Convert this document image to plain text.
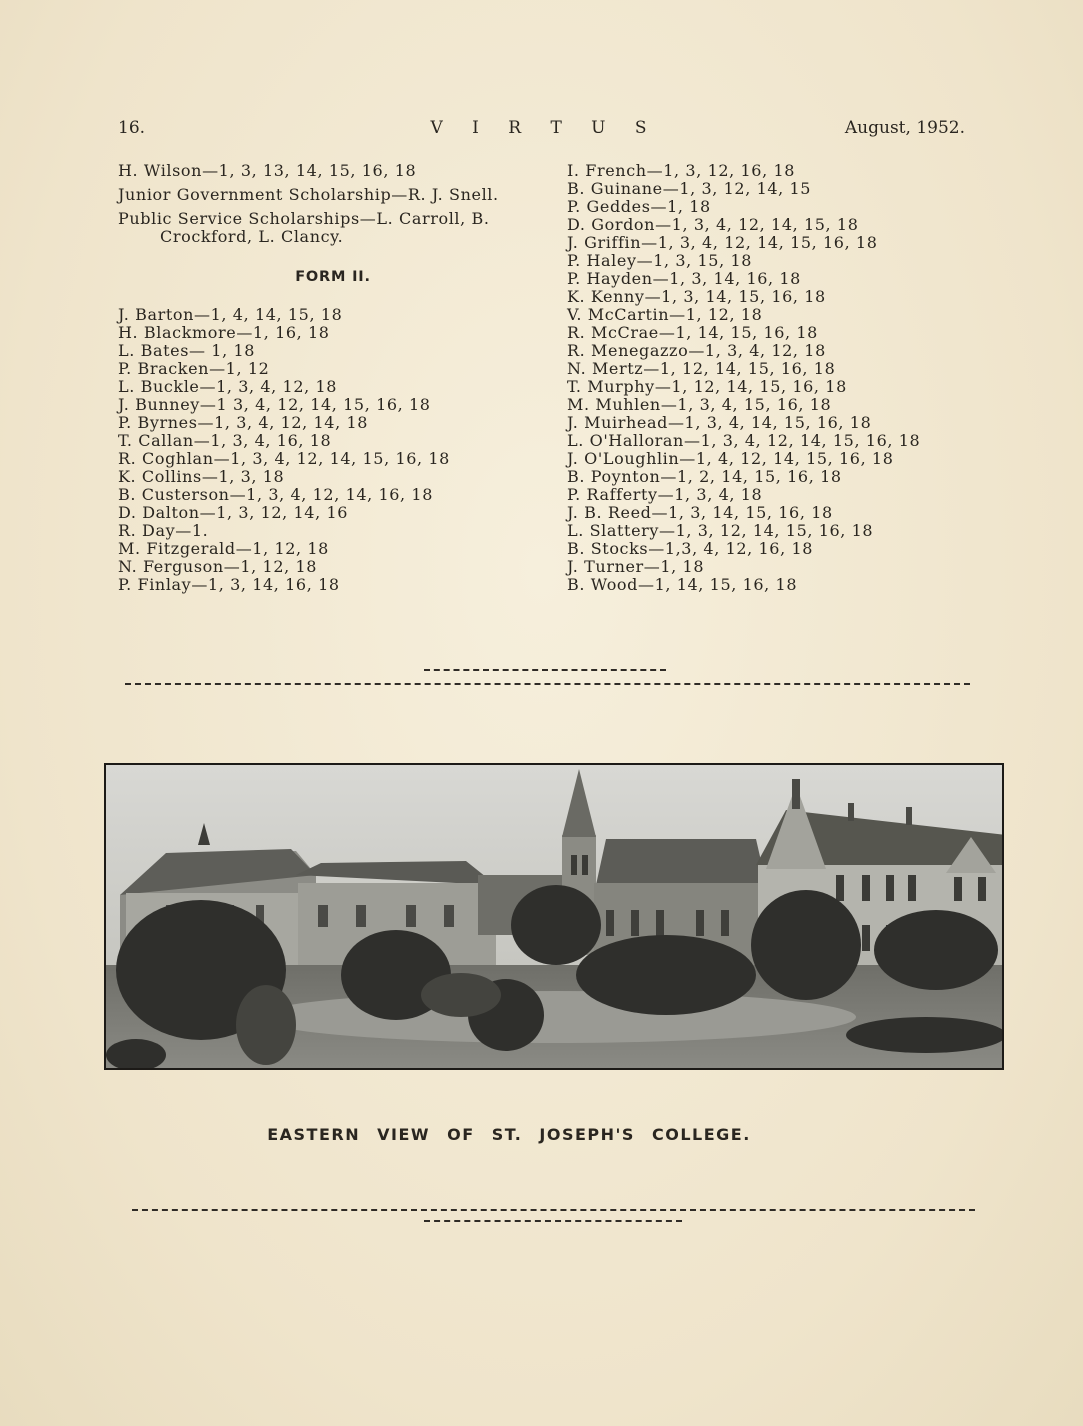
16.	V I R T U S	August, 1952.

H. Wilson—1, 3, 13, 14, 15, 16, 18

Junior Government Scholarship—R. J. Snell.

Public Service Scholarships—L. Carroll, B. Crockford, L. Clancy.

FORM II.
J. Barton—1, 4, 14, 15, 18
H. Blackmore—1, 16, 18
L. Bates— 1, 18
P. Bracken—1, 12
L. Buckle—1, 3, 4, 12, 18
J. Bunney—1 3, 4, 12, 14, 15, 16, 18
P. Byrnes—1, 3, 4, 12, 14, 18
T. Callan—1, 3, 4, 16, 18
R. Coghlan—1, 3, 4, 12, 14, 15, 16, 18
K. Collins—1, 3, 18
B. Custerson—1, 3, 4, 12, 14, 16, 18
D. Dalton—1, 3, 12, 14, 16
R. Day—1.
M. Fitzgerald—1, 12, 18
N. Ferguson—1, 12, 18
P. Finlay—1, 3, 14, 16, 18
I. French—1, 3, 12, 16, 18
B. Guinane—1, 3, 12, 14, 15
P. Geddes—1, 18
D. Gordon—1, 3, 4, 12, 14, 15, 18
J. Griffin—1, 3, 4, 12, 14, 15, 16, 18
P. Haley—1, 3, 15, 18
P. Hayden—1, 3, 14, 16, 18
K. Kenny—1, 3, 14, 15, 16, 18
V. McCartin—1, 12, 18
R. McCrae—1, 14, 15, 16, 18
R. Menegazzo—1, 3, 4, 12, 18
N. Mertz—1, 12, 14, 15, 16, 18
T. Murphy—1, 12, 14, 15, 16, 18
M. Muhlen—1, 3, 4, 15, 16, 18
J. Muirhead—1, 3, 4, 14, 15, 16, 18
L. O'Halloran—1, 3, 4, 12, 14, 15, 16, 18
J. O'Loughlin—1, 4, 12, 14, 15, 16, 18
B. Poynton—1, 2, 14, 15, 16, 18
P. Rafferty—1, 3, 4, 18
J. B. Reed—1, 3, 14, 15, 16, 18
L. Slattery—1, 3, 12, 14, 15, 16, 18
B. Stocks—1,3, 4, 12, 16, 18
J. Turner—1, 18
B. Wood—1, 14, 15, 16, 18
EASTERN VIEW OF ST. JOSEPH'S COLLEGE.
